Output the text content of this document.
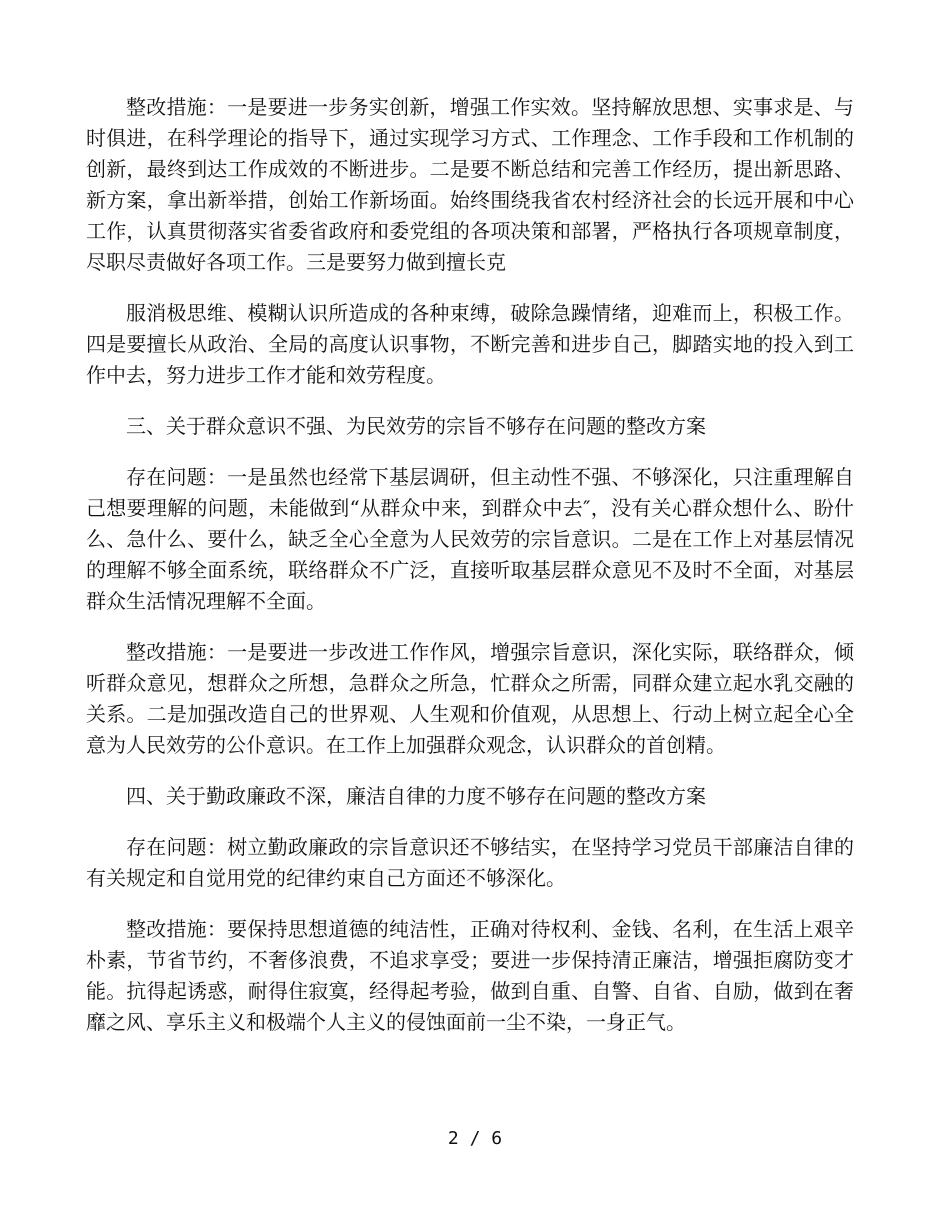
整改措施：一是要进一步务实创新，增强工作实效。坚持解放思想、实事求是、与时俱进，在科学理论的指导下，通过实现学习方式、工作理念、工作手段和工作机制的创新，最终到达工作成效的不断进步。二是要不断总结和完善工作经历，提出新思路、新方案，拿出新举措，创始工作新场面。始终围绕我省农村经济社会的长远开展和中心工作，认真贯彻落实省委省政府和委党组的各项决策和部署，严格执行各项规章制度，尽职尽责做好各项工作。三是要努力做到擅长克

服消极思维、模糊认识所造成的各种束缚，破除急躁情绪，迎难而上，积极工作。四是要擅长从政治、全局的高度认识事物，不断完善和进步自己，脚踏实地的投入到工作中去，努力进步工作才能和效劳程度。

三、关于群众意识不强、为民效劳的宗旨不够存在问题的整改方案

存在问题：一是虽然也经常下基层调研，但主动性不强、不够深化，只注重理解自己想要理解的问题，未能做到“从群众中来，到群众中去″，没有关心群众想什么、盼什么、急什么、要什么，缺乏全心全意为人民效劳的宗旨意识。二是在工作上对基层情况的理解不够全面系统，联络群众不广泛，直接听取基层群众意见不及时不全面，对基层群众生活情况理解不全面。

整改措施：一是要进一步改进工作作风，增强宗旨意识，深化实际，联络群众，倾听群众意见，想群众之所想，急群众之所急，忙群众之所需，同群众建立起水乳交融的关系。二是加强改造自己的世界观、人生观和价值观，从思想上、行动上树立起全心全意为人民效劳的公仆意识。在工作上加强群众观念，认识群众的首创精。

四、关于勤政廉政不深，廉洁自律的力度不够存在问题的整改方案

存在问题：树立勤政廉政的宗旨意识还不够结实，在坚持学习党员干部廉洁自律的有关规定和自觉用党的纪律约束自己方面还不够深化。

整改措施：要保持思想道德的纯洁性，正确对待权利、金钱、名利，在生活上艰辛朴素，节省节约，不奢侈浪费，不追求享受；要进一步保持清正廉洁，增强拒腐防变才能。抗得起诱惑，耐得住寂寞，经得起考验，做到自重、自警、自省、自励，做到在奢靡之风、享乐主义和极端个人主义的侵蚀面前一尘不染，一身正气。

2 / 6
